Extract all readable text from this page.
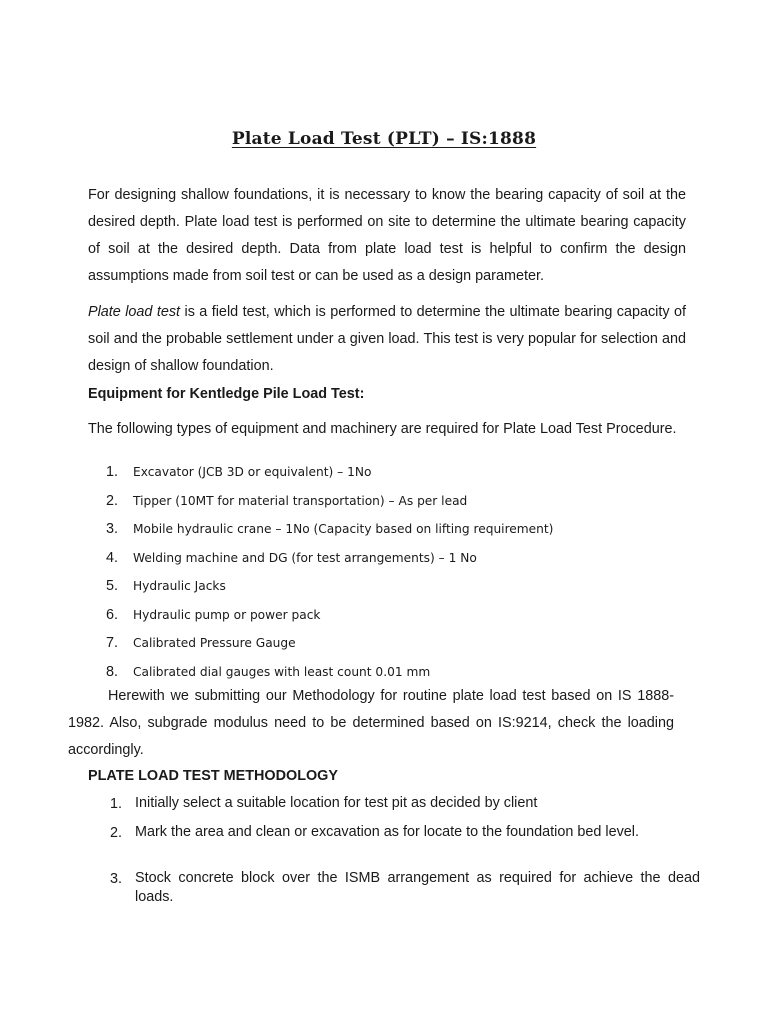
Plate Load Test (PLT) – IS:1888

For designing shallow foundations, it is necessary to know the bearing capacity of soil at the desired depth. Plate load test is performed on site to determine the ultimate bearing capacity of soil at the desired depth. Data from plate load test is helpful to confirm the design assumptions made from soil test or can be used as a design parameter.

Plate load test is a field test, which is performed to determine the ultimate bearing capacity of soil and the probable settlement under a given load. This test is very popular for selection and design of shallow foundation.

Equipment for Kentledge Pile Load Test:

The following types of equipment and machinery are required for Plate Load Test Procedure.

1.	Excavator (JCB 3D or equivalent) – 1No
2.	Tipper (10MT for material transportation) – As per lead
3.	Mobile hydraulic crane – 1No (Capacity based on lifting requirement)
4.	Welding machine and DG (for test arrangements) – 1 No
5.	Hydraulic Jacks
6.	Hydraulic pump or power pack
7.	Calibrated Pressure Gauge
8.	Calibrated dial gauges with least count 0.01 mm

Herewith we submitting our Methodology for routine plate load test based on IS 1888-1982. Also, subgrade modulus need to be determined based on IS:9214, check the loading accordingly.

PLATE LOAD TEST METHODOLOGY
1. Initially select a suitable location for test pit as decided by client
2. Mark the area and clean or excavation as for locate to the foundation bed level.
3. Stock concrete block over the ISMB arrangement as required for achieve the dead loads.
